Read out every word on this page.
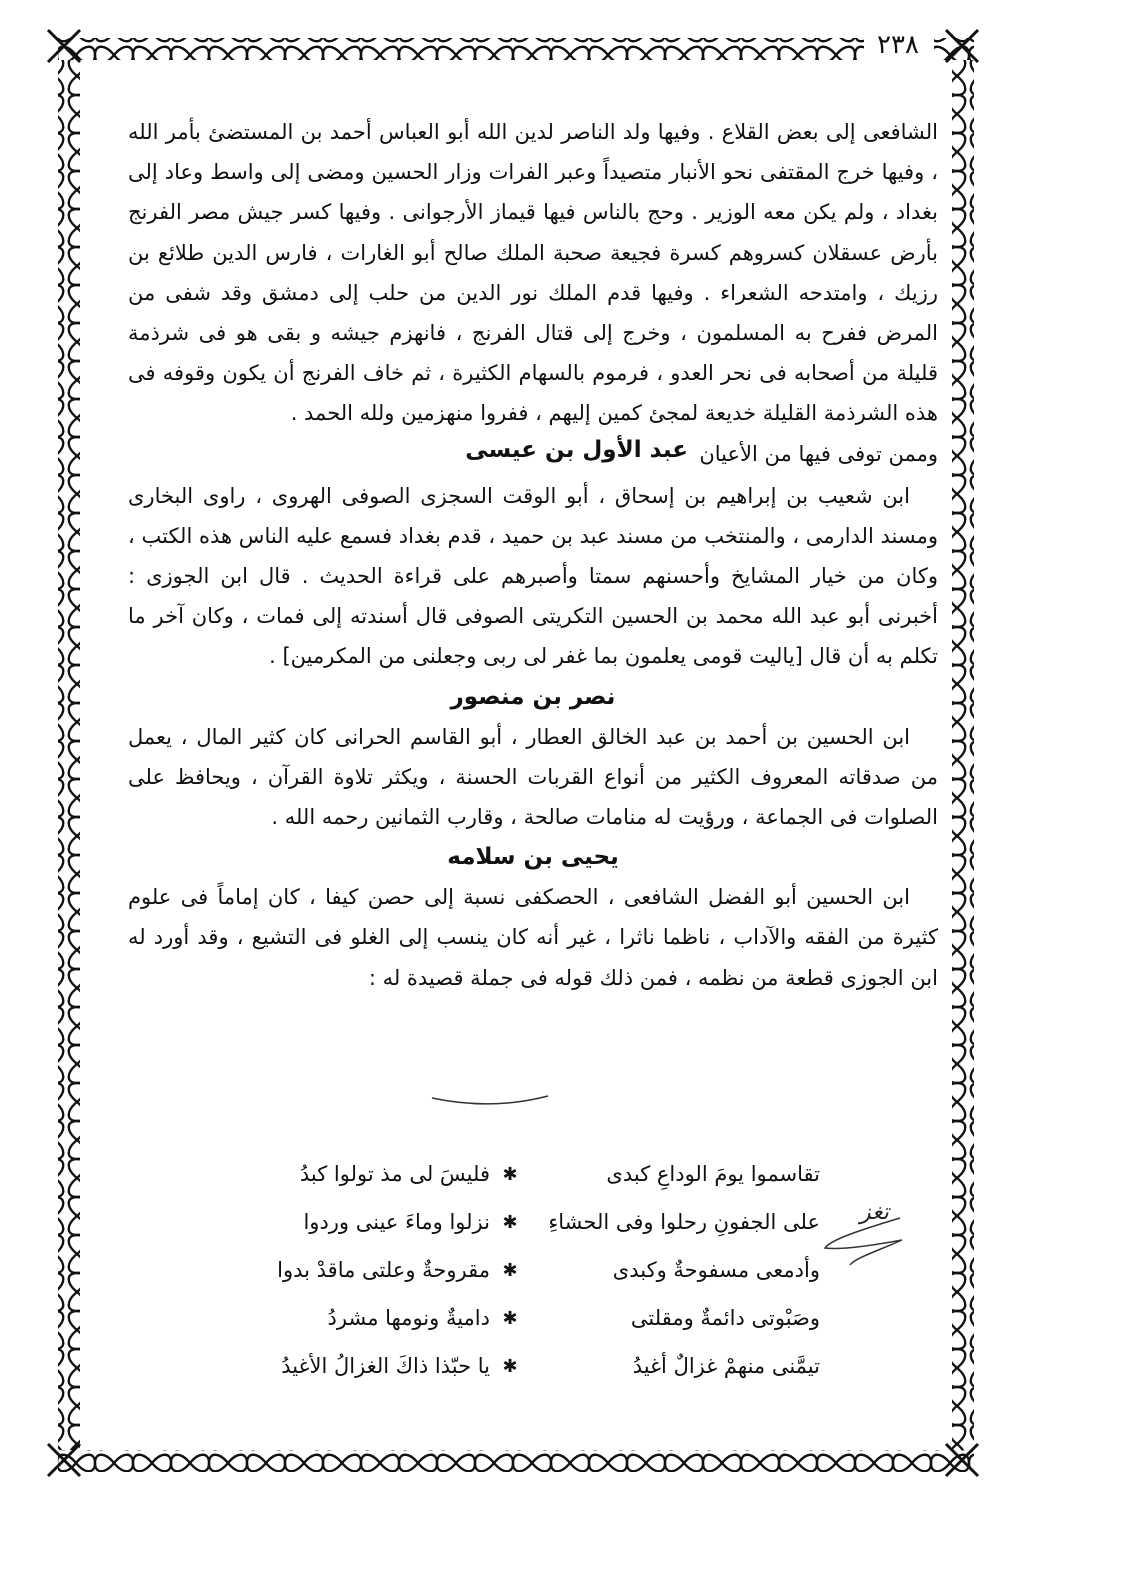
٢٣٨

الشافعى إلى بعض القلاع . وفيها ولد الناصر لدين الله أبو العباس أحمد بن المستضئ بأمر الله ، وفيها خرج المقتفى نحو الأنبار متصيداً وعبر الفرات وزار الحسين ومضى إلى واسط وعاد إلى بغداد ، ولم يكن معه الوزير . وحج بالناس فيها قيماز الأرجوانى . وفيها كسر جيش مصر الفرنج بأرض عسقلان كسروهم كسرة فجيعة صحبة الملك صالح أبو الغارات ، فارس الدين طلائع بن رزيك ، وامتدحه الشعراء . وفيها قدم الملك نور الدين من حلب إلى دمشق وقد شفى من المرض ففرح به المسلمون ، وخرج إلى قتال الفرنج ، فانهزم جيشه و بقى هو فى شرذمة قليلة من أصحابه فى نحر العدو ، فرموم بالسهام الكثيرة ، ثم خاف الفرنج أن يكون وقوفه فى هذه الشرذمة القليلة خديعة لمجئ كمين إليهم ، ففروا منهزمين ولله الحمد .

وممن توفى فيها من الأعيان
عبد الأول بن عيسى

ابن شعيب بن إبراهيم بن إسحاق ، أبو الوقت السجزى الصوفى الهروى ، راوى البخارى ومسند الدارمى ، والمنتخب من مسند عبد بن حميد ، قدم بغداد فسمع عليه الناس هذه الكتب ، وكان من خيار المشايخ وأحسنهم سمتا وأصبرهم على قراءة الحديث . قال ابن الجوزى : أخبرنى أبو عبد الله محمد بن الحسين التكريتى الصوفى قال أسندته إلى فمات ، وكان آخر ما تكلم به أن قال [ياليت قومى يعلمون بما غفر لى ربى وجعلنى من المكرمين] .

نصر بن منصور

ابن الحسين بن أحمد بن عبد الخالق العطار ، أبو القاسم الحرانى كان كثير المال ، يعمل من صدقاته المعروف الكثير من أنواع القربات الحسنة ، ويكثر تلاوة القرآن ، ويحافظ على الصلوات فى الجماعة ، ورؤيت له منامات صالحة ، وقارب الثمانين رحمه الله .

يحيى بن سلامه

ابن الحسين أبو الفضل الشافعى ، الحصكفى نسبة إلى حصن كيفا ، كان إماماً فى علوم كثيرة من الفقه والآداب ، ناظما ناثرا ، غير أنه كان ينسب إلى الغلو فى التشيع ، وقد أورد له ابن الجوزى قطعة من نظمه ، فمن ذلك قوله فى جملة قصيدة له :

تقاسموا يومَ الوداعِ كبدى
✱
فليسَ لى مذ تولوا كبدُ
على الجفونِ رحلوا وفى الحشاءِ
✱
نزلوا وماءَ عينى وردوا
وأدمعى مسفوحةٌ وكبدى
✱
مقروحةٌ وعلتى ماقدْ بدوا
وصَبْوتى دائمةٌ ومقلتى
✱
داميةٌ ونومها مشردُ
تيمَّنى منهمْ غزالٌ أغيدُ
✱
يا حبّذا ذاكَ الغزالُ الأغيدُ
تغز
